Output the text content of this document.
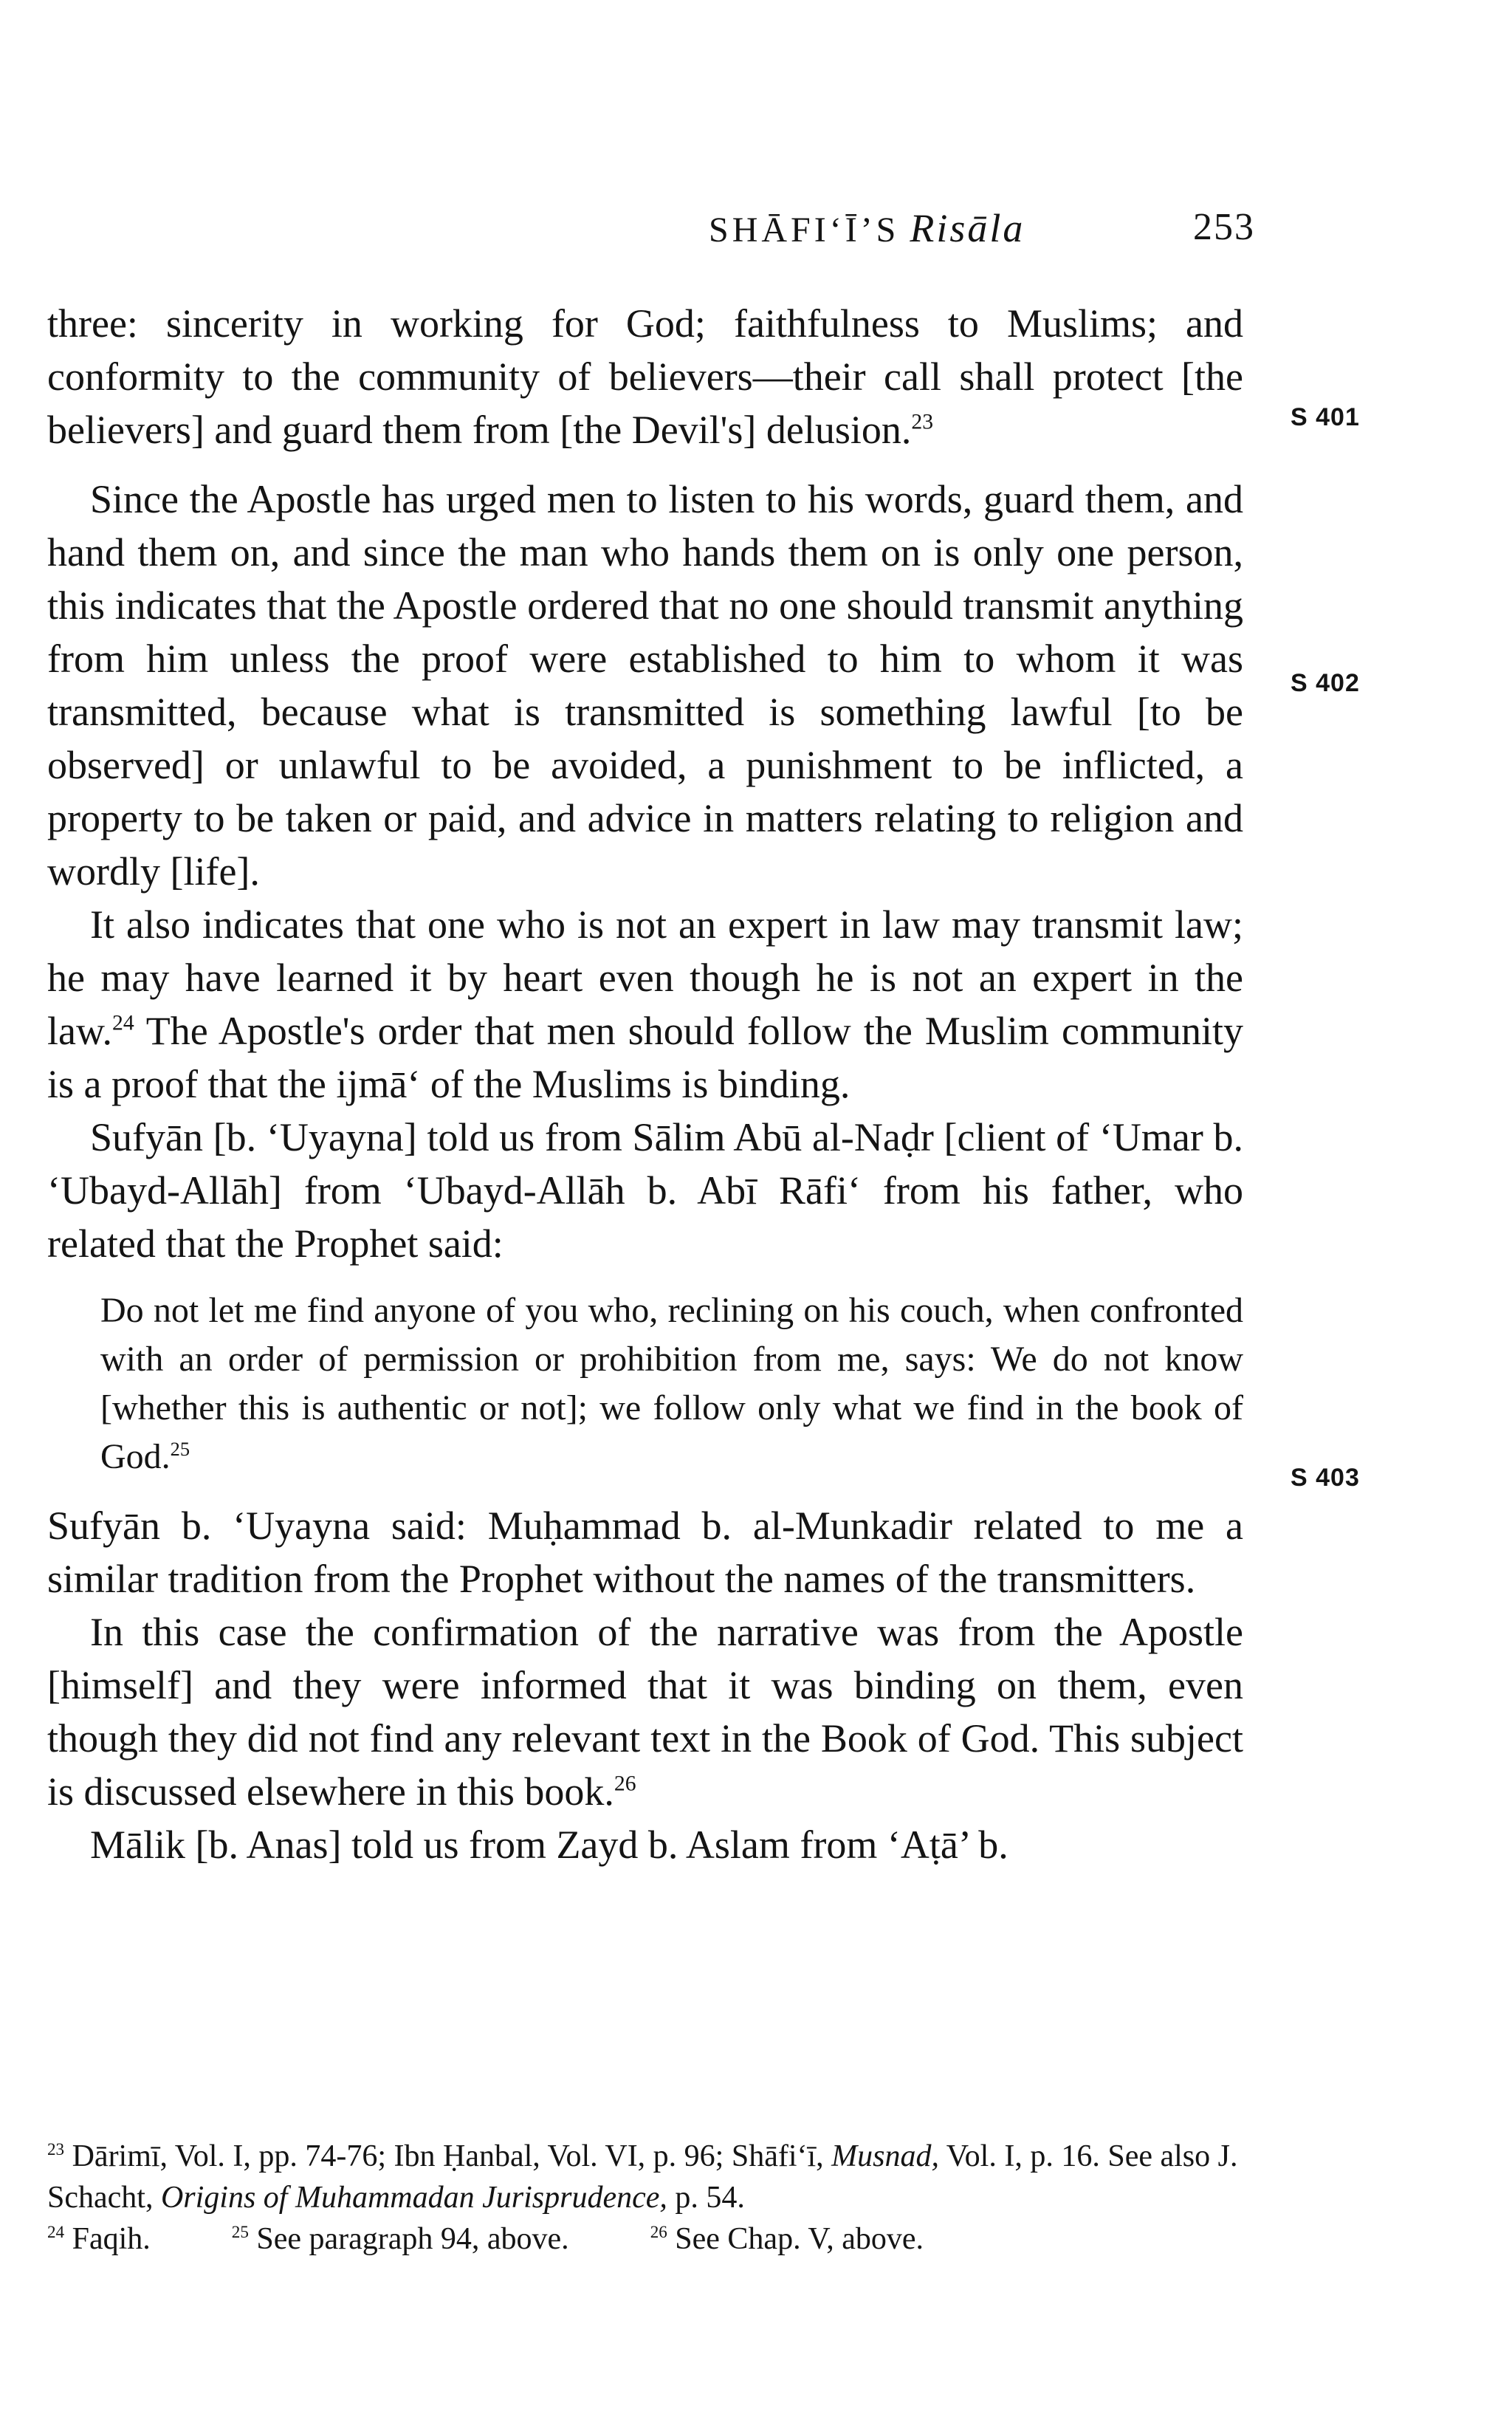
SHĀFI‘Ī’S Risāla	253
S 401
S 402
S 403

three: sincerity in working for God; faithfulness to Muslims; and conformity to the community of believers—their call shall protect [the believers] and guard them from [the Devil's] delusion.$^{23}$

Since the Apostle has urged men to listen to his words, guard them, and hand them on, and since the man who hands them on is only one person, this indicates that the Apostle ordered that no one should transmit anything from him unless the proof were established to him to whom it was transmitted, because what is transmitted is something lawful [to be observed] or unlawful to be avoided, a punishment to be inflicted, a property to be taken or paid, and advice in matters relating to religion and wordly [life].

It also indicates that one who is not an expert in law may transmit law; he may have learned it by heart even though he is not an expert in the law.$^{24}$ The Apostle's order that men should follow the Muslim community is a proof that the ijmā‘ of the Muslims is binding.

Sufyān [b. ‘Uyayna] told us from Sālim Abū al-Naḍr [client of ‘Umar b. ‘Ubayd-Allāh] from ‘Ubayd-Allāh b. Abī Rāfi‘ from his father, who related that the Prophet said:

Do not let me find anyone of you who, reclining on his couch, when confronted with an order of permission or prohibition from me, says: We do not know [whether this is authentic or not]; we follow only what we find in the book of God.$^{25}$

Sufyān b. ‘Uyayna said: Muḥammad b. al-Munkadir related to me a similar tradition from the Prophet without the names of the transmitters.

In this case the confirmation of the narrative was from the Apostle [himself] and they were informed that it was binding on them, even though they did not find any relevant text in the Book of God. This subject is discussed elsewhere in this book.$^{26}$

Mālik [b. Anas] told us from Zayd b. Aslam from ‘Aṭā’ b.

$^{23}$ Dārimī, Vol. I, pp. 74-76; Ibn Ḥanbal, Vol. VI, p. 96; Shāfi‘ī, Musnad, Vol. I, p. 16. See also J. Schacht, Origins of Muhammadan Jurisprudence, p. 54.

$^{24}$ Faqih.	$^{25}$ See paragraph 94, above.	$^{26}$ See Chap. V, above.
